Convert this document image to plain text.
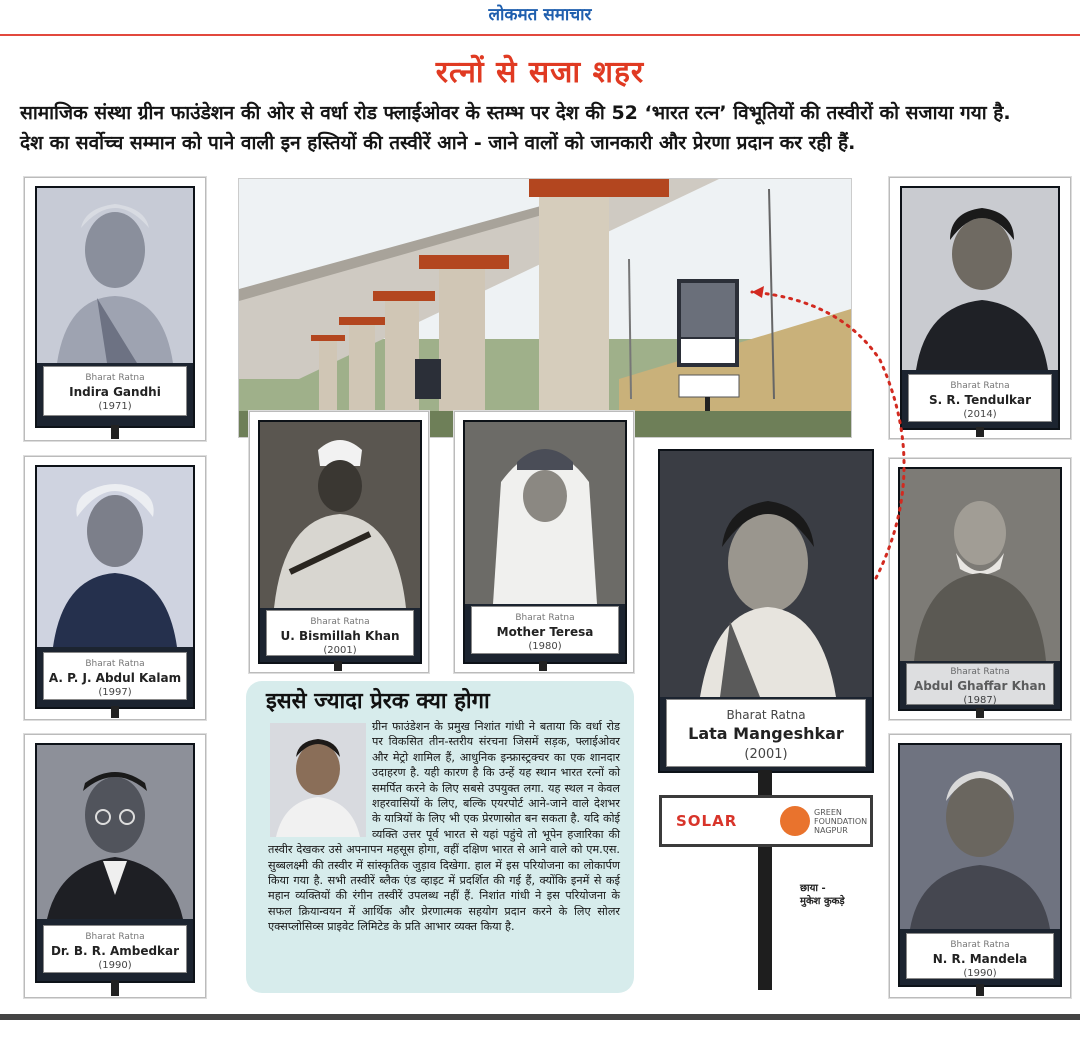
लोकमत समाचार
रत्नों से सजा शहर
सामाजिक संस्था ग्रीन फाउंडेशन की ओर से वर्धा रोड फ्लाईओवर के स्तम्भ पर देश की 52 ‘भारत रत्न’ विभूतियों की तस्वीरों को सजाया गया है.
देश का सर्वोच्च सम्मान को पाने वाली इन हस्तियों की तस्वीरें आने - जाने वालों को जानकारी और प्रेरणा प्रदान कर रही हैं.
Bharat Ratna
Indira Gandhi
(1971)
Bharat Ratna
A. P. J. Abdul Kalam
(1997)
Bharat Ratna
Dr. B. R. Ambedkar
(1990)
Bharat Ratna
U. Bismillah Khan
(2001)
Bharat Ratna
Mother Teresa
(1980)
Bharat Ratna
Lata Mangeshkar
(2001)
SOLAR	GREEN FOUNDATION NAGPUR
Bharat Ratna
S. R. Tendulkar
(2014)
Bharat Ratna
Abdul Ghaffar Khan
(1987)
Bharat Ratna
N. R. Mandela
(1990)
इससे ज्यादा प्रेरक क्या होगा
ग्रीन फाउंडेशन के प्रमुख निशांत गांधी ने बताया कि वर्धा रोड पर विकसित तीन-स्तरीय संरचना जिसमें सड़क, फ्लाईओवर और मेट्रो शामिल हैं, आधुनिक इन्फ्रास्ट्रक्चर का एक शानदार उदाहरण है. यही कारण है कि उन्हें यह स्थान भारत रत्नों को समर्पित करने के लिए सबसे उपयुक्त लगा. यह स्थल न केवल शहरवासियों के लिए, बल्कि एयरपोर्ट आने-जाने वाले देशभर के यात्रियों के लिए भी एक प्रेरणास्रोत बन सकता है. यदि कोई व्यक्ति उत्तर पूर्व भारत से यहां पहुंचे तो भूपेन हजारिका की तस्वीर देखकर उसे अपनापन महसूस होगा, वहीं दक्षिण भारत से आने वाले को एम.एस. सुब्बलक्ष्मी की तस्वीर में सांस्कृतिक जुड़ाव दिखेगा. हाल में इस परियोजना का लोकार्पण किया गया है. सभी तस्वीरें ब्लैक एंड व्हाइट में प्रदर्शित की गई हैं, क्योंकि इनमें से कई महान व्यक्तियों की रंगीन तस्वीरें उपलब्ध नहीं हैं. निशांत गांधी ने इस परियोजना के सफल क्रियान्वयन में आर्थिक और प्रेरणात्मक सहयोग प्रदान करने के लिए सोलर एक्सप्लोसिव्स प्राइवेट लिमिटेड के प्रति आभार व्यक्त किया है.
छाया -
मुकेश कुकड़े
